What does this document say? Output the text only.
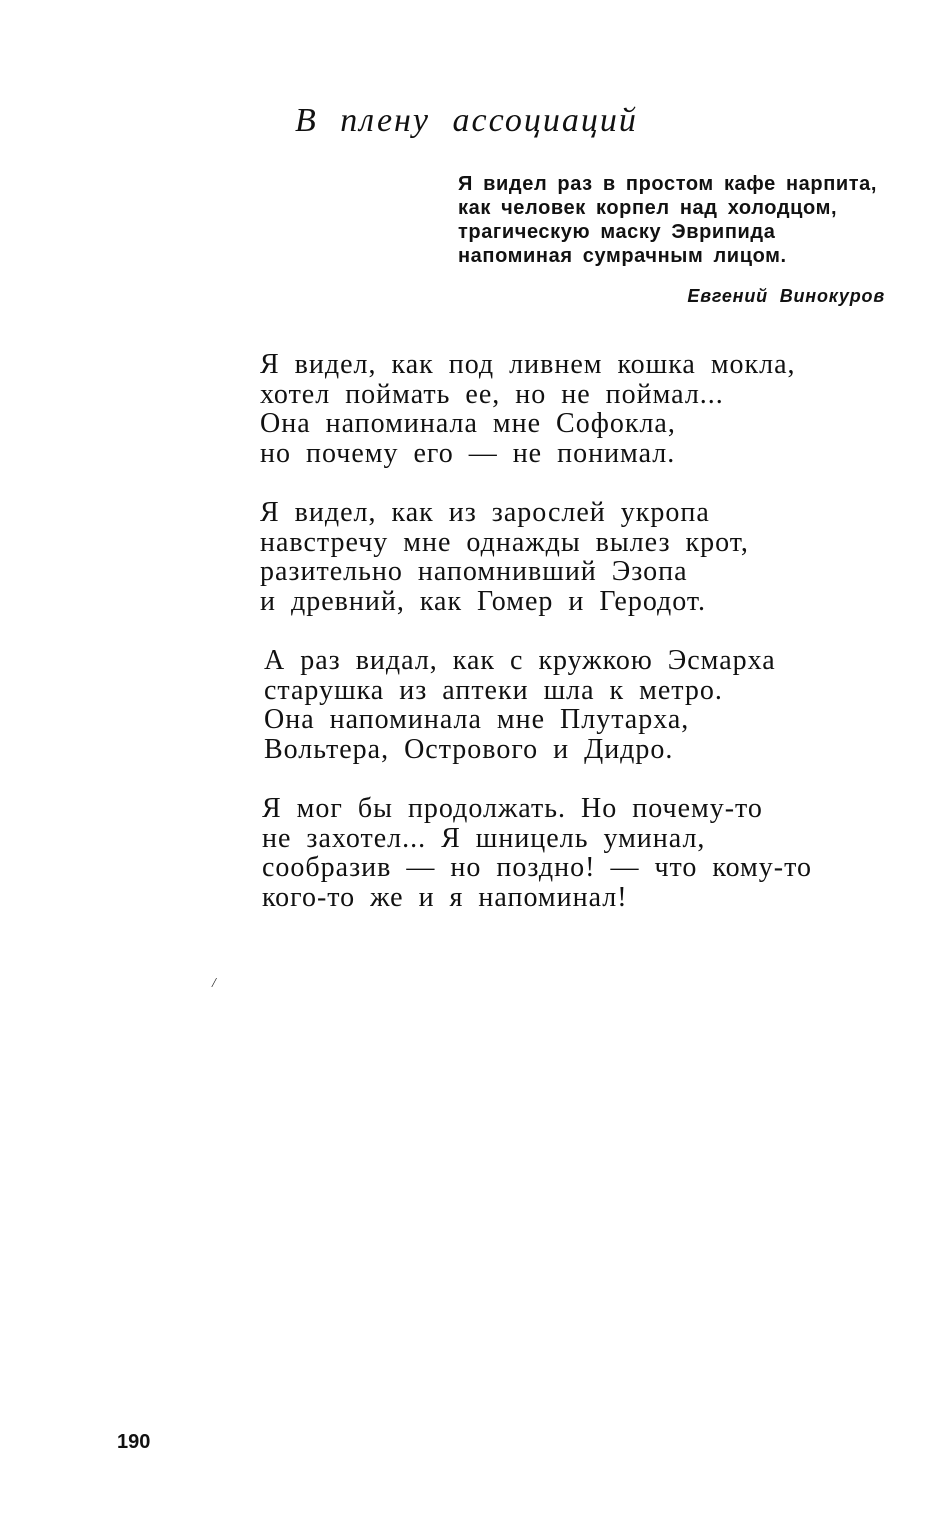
В плену ассоциаций
Я видел раз в простом кафе нарпита,
как человек корпел над холодцом,
трагическую маску Эврипида
напоминая сумрачным лицом.
Евгений Винокуров
Я видел, как под ливнем кошка мокла,
хотел поймать ее, но не поймал...
Она напоминала мне Софокла,
но почему его — не понимал.
Я видел, как из зарослей укропа
навстречу мне однажды вылез крот,
разительно напомнивший Эзопа
и древний, как Гомер и Геродот.
А раз видал, как с кружкою Эсмарха
старушка из аптеки шла к метро.
Она напоминала мне Плутарха,
Вольтера, Острового и Дидро.
Я мог бы продолжать. Но почему-то
не захотел... Я шницель уминал,
сообразив — но поздно! — что кому-то
кого-то же и я напоминал!
/
190
